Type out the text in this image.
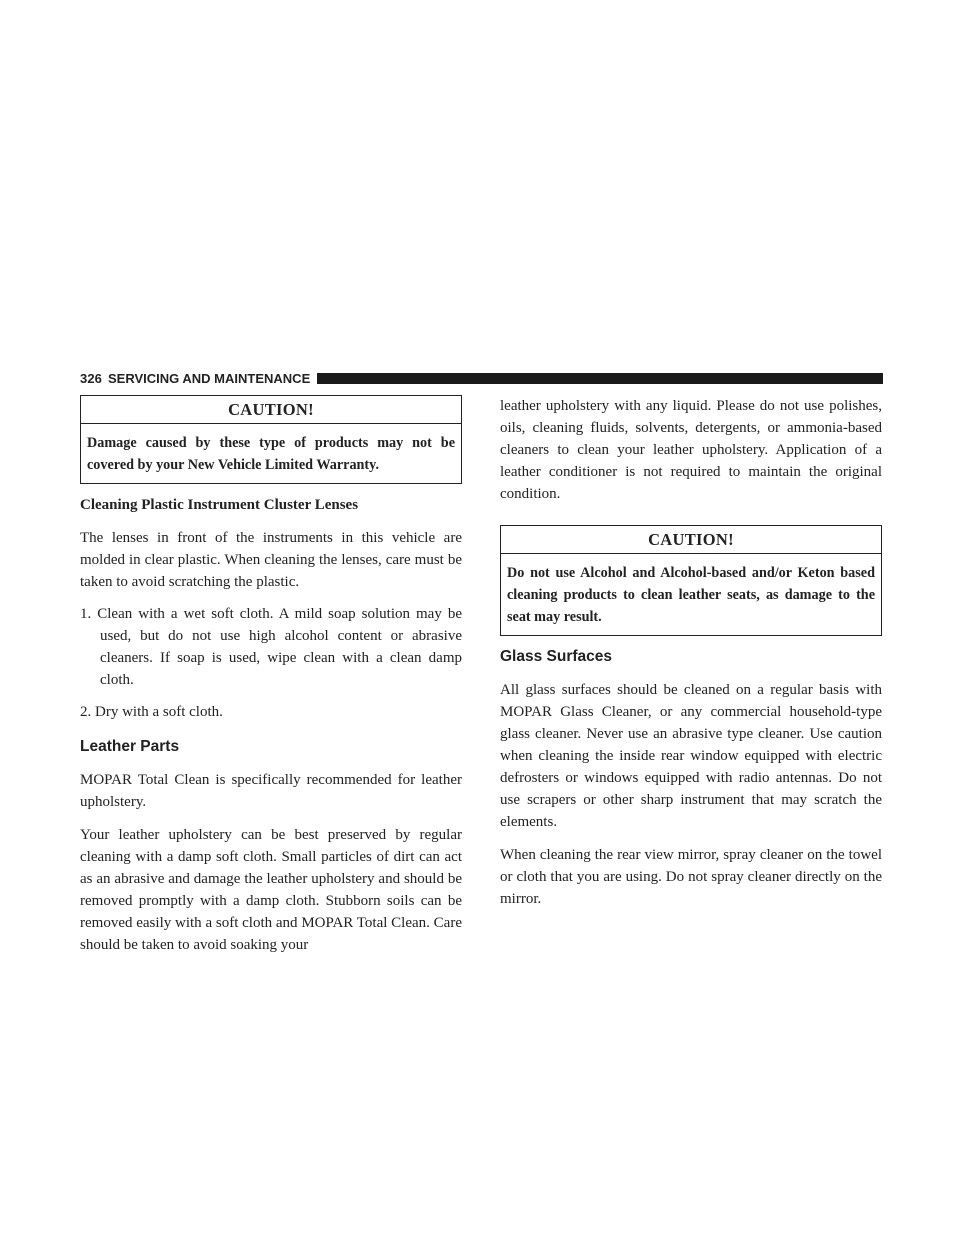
326 SERVICING AND MAINTENANCE
CAUTION!
Damage caused by these type of products may not be covered by your New Vehicle Limited Warranty.
Cleaning Plastic Instrument Cluster Lenses

The lenses in front of the instruments in this vehicle are molded in clear plastic. When cleaning the lenses, care must be taken to avoid scratching the plastic.

1. Clean with a wet soft cloth. A mild soap solution may be used, but do not use high alcohol content or abrasive cleaners. If soap is used, wipe clean with a clean damp cloth.
2. Dry with a soft cloth.
Leather Parts

MOPAR Total Clean is specifically recommended for leather upholstery.

Your leather upholstery can be best preserved by regular cleaning with a damp soft cloth. Small particles of dirt can act as an abrasive and damage the leather upholstery and should be removed promptly with a damp cloth. Stubborn soils can be removed easily with a soft cloth and MOPAR Total Clean. Care should be taken to avoid soaking your

leather upholstery with any liquid. Please do not use polishes, oils, cleaning fluids, solvents, detergents, or ammonia-based cleaners to clean your leather upholstery. Application of a leather conditioner is not required to maintain the original condition.

CAUTION!
Do not use Alcohol and Alcohol-based and/or Keton based cleaning products to clean leather seats, as damage to the seat may result.
Glass Surfaces

All glass surfaces should be cleaned on a regular basis with MOPAR Glass Cleaner, or any commercial household-type glass cleaner. Never use an abrasive type cleaner. Use caution when cleaning the inside rear window equipped with electric defrosters or windows equipped with radio antennas. Do not use scrapers or other sharp instrument that may scratch the elements.

When cleaning the rear view mirror, spray cleaner on the towel or cloth that you are using. Do not spray cleaner directly on the mirror.
